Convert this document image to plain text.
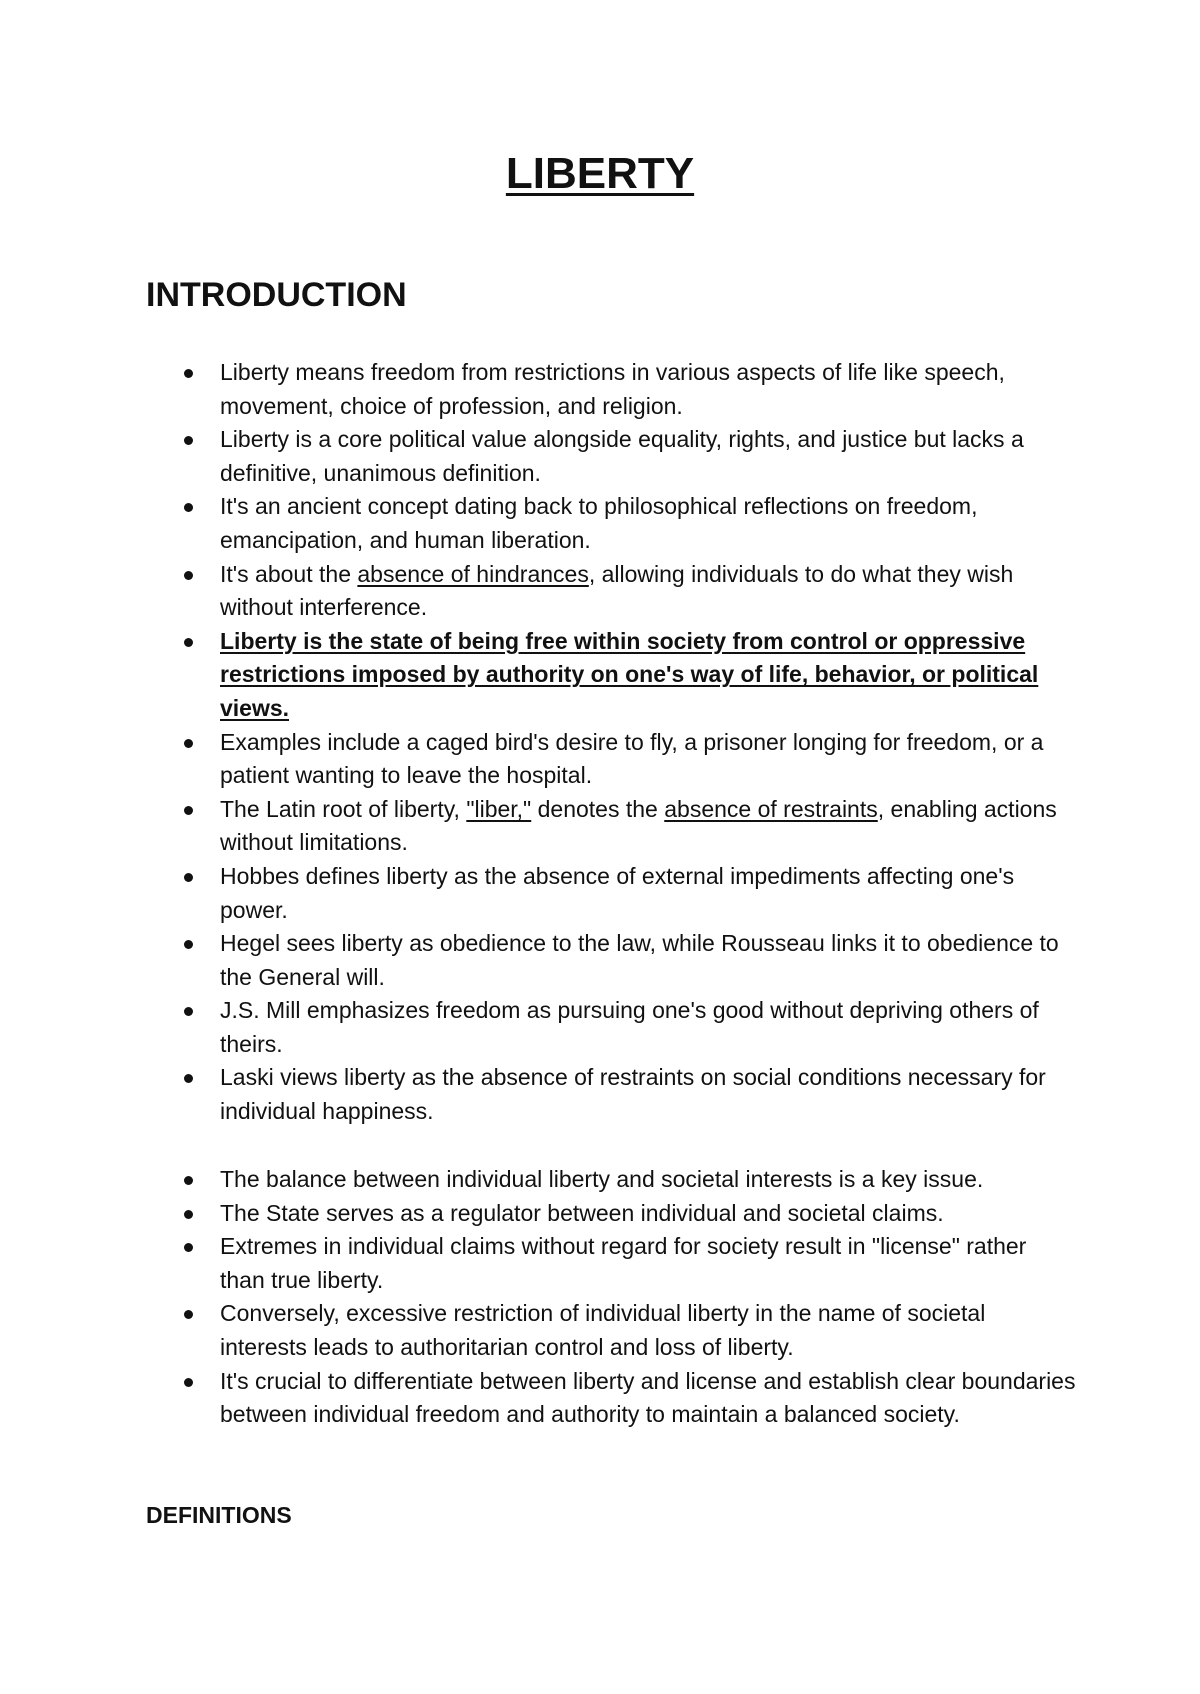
LIBERTY
INTRODUCTION
Liberty means freedom from restrictions in various aspects of life like speech, movement, choice of profession, and religion.
Liberty is a core political value alongside equality, rights, and justice but lacks a definitive, unanimous definition.
It's an ancient concept dating back to philosophical reflections on freedom, emancipation, and human liberation.
It's about the absence of hindrances, allowing individuals to do what they wish without interference.
Liberty is the state of being free within society from control or oppressive restrictions imposed by authority on one's way of life, behavior, or political views.
Examples include a caged bird's desire to fly, a prisoner longing for freedom, or a patient wanting to leave the hospital.
The Latin root of liberty, "liber," denotes the absence of restraints, enabling actions without limitations.
Hobbes defines liberty as the absence of external impediments affecting one's power.
Hegel sees liberty as obedience to the law, while Rousseau links it to obedience to the General will.
J.S. Mill emphasizes freedom as pursuing one's good without depriving others of theirs.
Laski views liberty as the absence of restraints on social conditions necessary for individual happiness.
The balance between individual liberty and societal interests is a key issue.
The State serves as a regulator between individual and societal claims.
Extremes in individual claims without regard for society result in "license" rather than true liberty.
Conversely, excessive restriction of individual liberty in the name of societal interests leads to authoritarian control and loss of liberty.
It's crucial to differentiate between liberty and license and establish clear boundaries between individual freedom and authority to maintain a balanced society.
DEFINITIONS
